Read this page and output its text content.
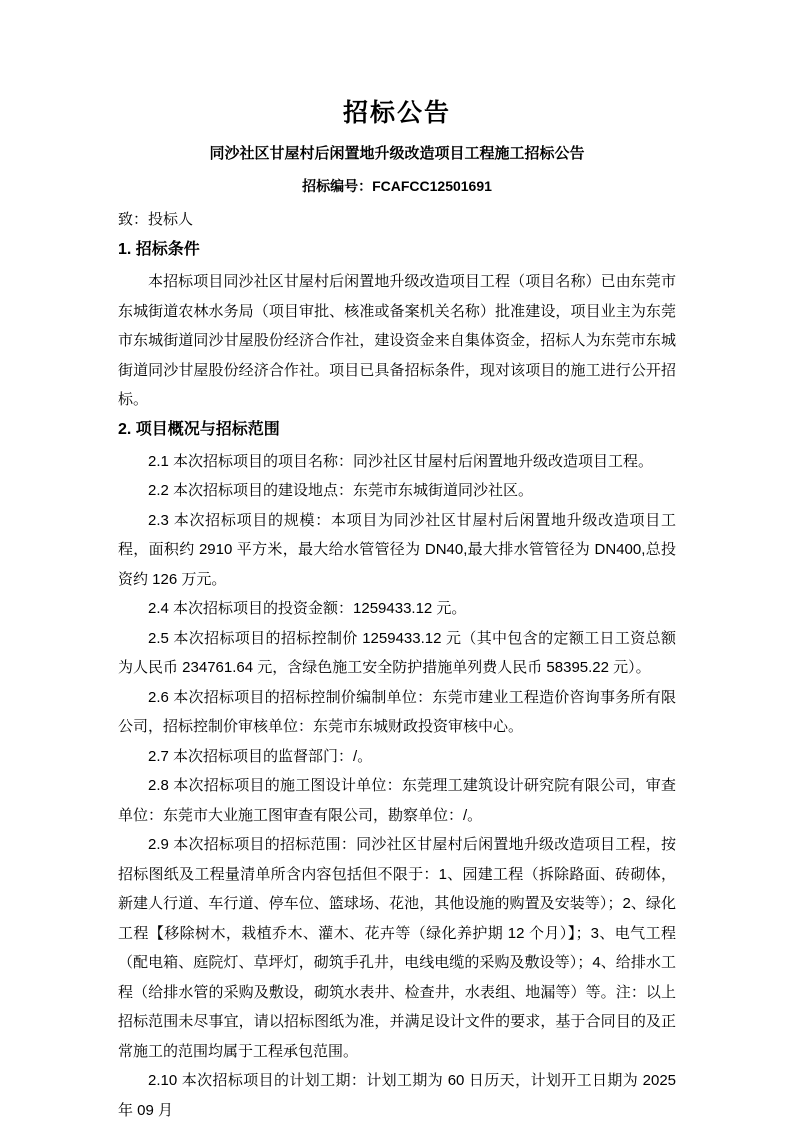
招标公告
同沙社区甘屋村后闲置地升级改造项目工程施工招标公告
招标编号：FCAFCC12501691
致：投标人
1. 招标条件

本招标项目同沙社区甘屋村后闲置地升级改造项目工程（项目名称）已由东莞市东城街道农林水务局（项目审批、核准或备案机关名称）批准建设，项目业主为东莞市东城街道同沙甘屋股份经济合作社，建设资金来自集体资金，招标人为东莞市东城街道同沙甘屋股份经济合作社。项目已具备招标条件，现对该项目的施工进行公开招标。

2. 项目概况与招标范围

2.1 本次招标项目的项目名称：同沙社区甘屋村后闲置地升级改造项目工程。

2.2 本次招标项目的建设地点：东莞市东城街道同沙社区。

2.3 本次招标项目的规模：本项目为同沙社区甘屋村后闲置地升级改造项目工程，面积约 2910 平方米，最大给水管管径为 DN40,最大排水管管径为 DN400,总投资约 126 万元。

2.4 本次招标项目的投资金额：1259433.12 元。

2.5 本次招标项目的招标控制价 1259433.12 元（其中包含的定额工日工资总额为人民币 234761.64 元，含绿色施工安全防护措施单列费人民币 58395.22 元）。

2.6 本次招标项目的招标控制价编制单位：东莞市建业工程造价咨询事务所有限公司，招标控制价审核单位：东莞市东城财政投资审核中心。

2.7 本次招标项目的监督部门：/。

2.8 本次招标项目的施工图设计单位：东莞理工建筑设计研究院有限公司，审查单位：东莞市大业施工图审查有限公司，勘察单位：/。

2.9 本次招标项目的招标范围：同沙社区甘屋村后闲置地升级改造项目工程，按招标图纸及工程量清单所含内容包括但不限于：1、园建工程（拆除路面、砖砌体，新建人行道、车行道、停车位、篮球场、花池，其他设施的购置及安装等）；2、绿化工程【移除树木，栽植乔木、灌木、花卉等（绿化养护期 12 个月）】；3、电气工程（配电箱、庭院灯、草坪灯，砌筑手孔井，电线电缆的采购及敷设等）；4、给排水工程（给排水管的采购及敷设，砌筑水表井、检查井，水表组、地漏等）等。注：以上招标范围未尽事宜，请以招标图纸为准，并满足设计文件的要求，基于合同目的及正常施工的范围均属于工程承包范围。

2.10 本次招标项目的计划工期：计划工期为 60 日历天，计划开工日期为 2025 年 09 月
